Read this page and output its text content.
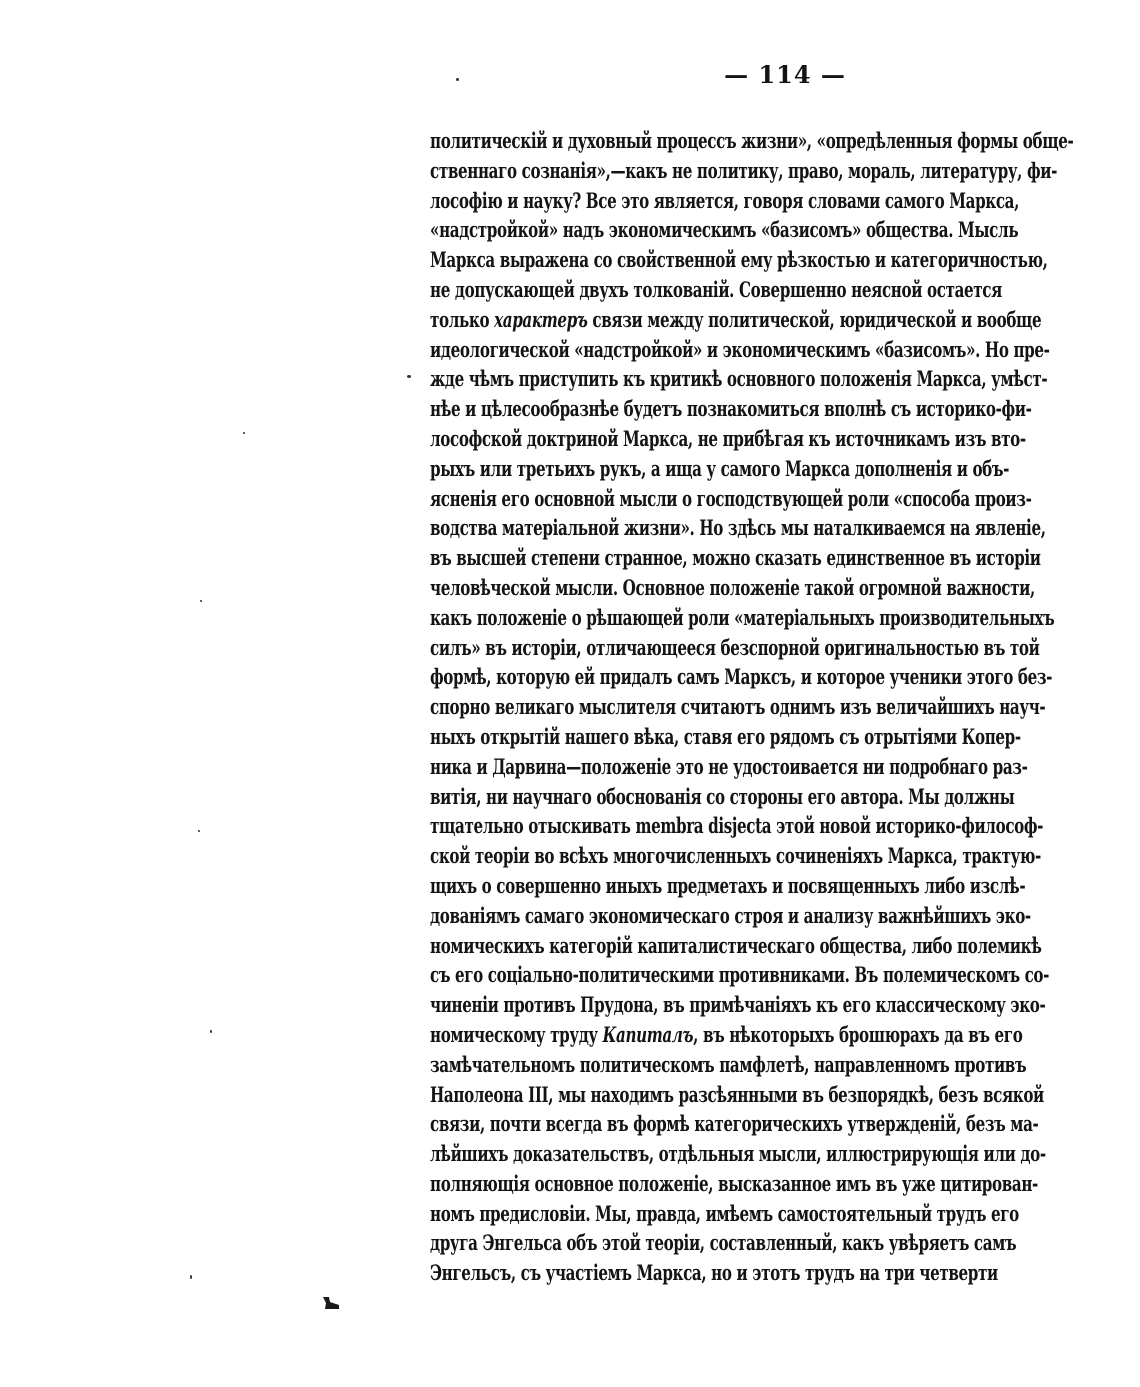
— 114 —
политическій и духовный процессъ жизни», «опредѣленныя формы обще-
ственнаго сознанія»,—какъ не политику, право, мораль, литературу, фи-
лософію и науку? Все это является, говоря словами самого Маркса,
«надстройкой» надъ экономическимъ «базисомъ» общества. Мысль
Маркса выражена со свойственной ему рѣзкостью и категоричностью,
не допускающей двухъ толкованій. Совершенно неясной остается
только характеръ связи между политической, юридической и вообще
идеологической «надстройкой» и экономическимъ «базисомъ». Но пре-
жде чѣмъ приступить къ критикѣ основного положенія Маркса, умѣст-
нѣе и цѣлесообразнѣе будетъ познакомиться вполнѣ съ историко-фи-
лософской доктриной Маркса, не прибѣгая къ источникамъ изъ вто-
рыхъ или третьихъ рукъ, а ища у самого Маркса дополненія и объ-
ясненія его основной мысли о господствующей роли «способа произ-
водства матеріальной жизни». Но здѣсь мы наталкиваемся на явленіе,
въ высшей степени странное, можно сказать единственное въ исторіи
человѣческой мысли. Основное положеніе такой огромной важности,
какъ положеніе о рѣшающей роли «матеріальныхъ производительныхъ
силъ» въ исторіи, отличающееся безспорной оригинальностью въ той
формѣ, которую ей придалъ самъ Марксъ, и которое ученики этого без-
спорно великаго мыслителя считаютъ однимъ изъ величайшихъ науч-
ныхъ открытій нашего вѣка, ставя его рядомъ съ отрытіями Копер-
ника и Дарвина—положеніе это не удостоивается ни подробнаго раз-
витія, ни научнаго обоснованія со стороны его автора. Мы должны
тщательно отыскивать membra disjecta этой новой историко-философ-
ской теоріи во всѣхъ многочисленныхъ сочиненіяхъ Маркса, трактую-
щихъ о совершенно иныхъ предметахъ и посвященныхъ либо изслѣ-
дованіямъ самаго экономическаго строя и анализу важнѣйшихъ эко-
номическихъ категорій капиталистическаго общества, либо полемикѣ
съ его соціально-политическими противниками. Въ полемическомъ со-
чиненіи противъ Прудона, въ примѣчаніяхъ къ его классическому эко-
номическому труду Капиталъ, въ нѣкоторыхъ брошюрахъ да въ его
замѣчательномъ политическомъ памфлетѣ, направленномъ противъ
Наполеона III, мы находимъ разсѣянными въ безпорядкѣ, безъ всякой
связи, почти всегда въ формѣ категорическихъ утвержденій, безъ ма-
лѣйшихъ доказательствъ, отдѣльныя мысли, иллюстрирующія или до-
полняющія основное положеніе, высказанное имъ въ уже цитирован-
номъ предисловіи. Мы, правда, имѣемъ самостоятельный трудъ его
друга Энгельса объ этой теоріи, составленный, какъ увѣряетъ самъ
Энгельсъ, съ участіемъ Маркса, но и этотъ трудъ на три четверти
